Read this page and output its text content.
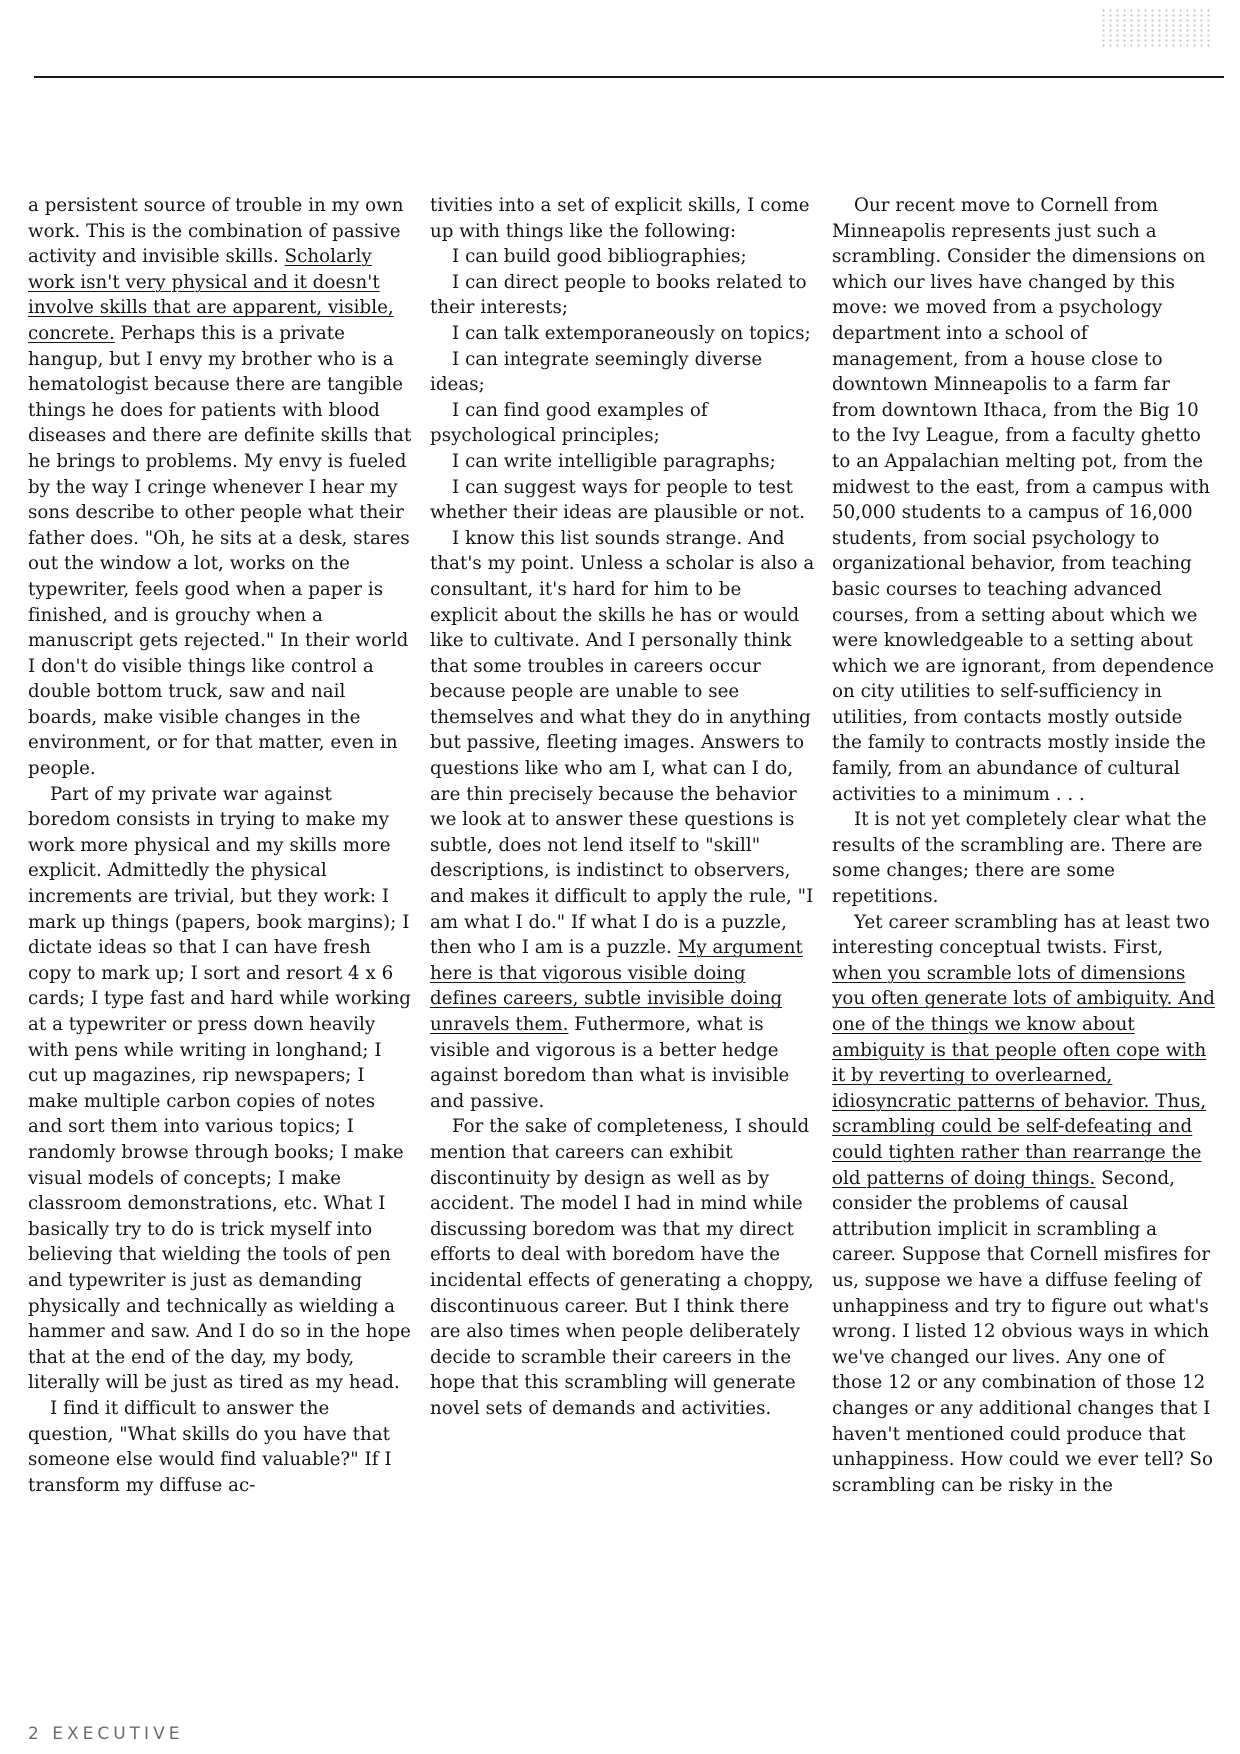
a persistent source of trouble in my own work. This is the combination of passive activity and invisible skills. Scholarly work isn't very physical and it doesn't involve skills that are apparent, visible, concrete. Perhaps this is a private hangup, but I envy my brother who is a hematologist because there are tangible things he does for patients with blood diseases and there are definite skills that he brings to problems. My envy is fueled by the way I cringe whenever I hear my sons describe to other people what their father does. "Oh, he sits at a desk, stares out the window a lot, works on the typewriter, feels good when a paper is finished, and is grouchy when a manuscript gets rejected." In their world I don't do visible things like control a double bottom truck, saw and nail boards, make visible changes in the environment, or for that matter, even in people.

Part of my private war against boredom consists in trying to make my work more physical and my skills more explicit. Admittedly the physical increments are trivial, but they work: I mark up things (papers, book margins); I dictate ideas so that I can have fresh copy to mark up; I sort and resort 4 x 6 cards; I type fast and hard while working at a typewriter or press down heavily with pens while writing in longhand; I cut up magazines, rip newspapers; I make multiple carbon copies of notes and sort them into various topics; I randomly browse through books; I make visual models of concepts; I make classroom demonstrations, etc. What I basically try to do is trick myself into believing that wielding the tools of pen and typewriter is just as demanding physically and technically as wielding a hammer and saw. And I do so in the hope that at the end of the day, my body, literally will be just as tired as my head.

I find it difficult to answer the question, "What skills do you have that someone else would find valuable?" If I transform my diffuse ac-

tivities into a set of explicit skills, I come up with things like the following:

I can build good bibliographies;

I can direct people to books related to their interests;

I can talk extemporaneously on topics;

I can integrate seemingly diverse ideas;

I can find good examples of psychological principles;

I can write intelligible paragraphs;

I can suggest ways for people to test whether their ideas are plausible or not.

I know this list sounds strange. And that's my point. Unless a scholar is also a consultant, it's hard for him to be explicit about the skills he has or would like to cultivate. And I personally think that some troubles in careers occur because people are unable to see themselves and what they do in anything but passive, fleeting images. Answers to questions like who am I, what can I do, are thin precisely because the behavior we look at to answer these questions is subtle, does not lend itself to "skill" descriptions, is indistinct to observers, and makes it difficult to apply the rule, "I am what I do." If what I do is a puzzle, then who I am is a puzzle. My argument here is that vigorous visible doing defines careers, subtle invisible doing unravels them. Futhermore, what is visible and vigorous is a better hedge against boredom than what is invisible and passive.

For the sake of completeness, I should mention that careers can exhibit discontinuity by design as well as by accident. The model I had in mind while discussing boredom was that my direct efforts to deal with boredom have the incidental effects of generating a choppy, discontinuous career. But I think there are also times when people deliberately decide to scramble their careers in the hope that this scrambling will generate novel sets of demands and activities.

Our recent move to Cornell from Minneapolis represents just such a scrambling. Consider the dimensions on which our lives have changed by this move: we moved from a psychology department into a school of management, from a house close to downtown Minneapolis to a farm far from downtown Ithaca, from the Big 10 to the Ivy League, from a faculty ghetto to an Appalachian melting pot, from the midwest to the east, from a campus with 50,000 students to a campus of 16,000 students, from social psychology to organizational behavior, from teaching basic courses to teaching advanced courses, from a setting about which we were knowledgeable to a setting about which we are ignorant, from dependence on city utilities to self-sufficiency in utilities, from contacts mostly outside the family to contracts mostly inside the family, from an abundance of cultural activities to a minimum . . .

It is not yet completely clear what the results of the scrambling are. There are some changes; there are some repetitions.

Yet career scrambling has at least two interesting conceptual twists. First, when you scramble lots of dimensions you often generate lots of ambiguity. And one of the things we know about ambiguity is that people often cope with it by reverting to overlearned, idiosyncratic patterns of behavior. Thus, scrambling could be self-defeating and could tighten rather than rearrange the old patterns of doing things. Second, consider the problems of causal attribution implicit in scrambling a career. Suppose that Cornell misfires for us, suppose we have a diffuse feeling of unhappiness and try to figure out what's wrong. I listed 12 obvious ways in which we've changed our lives. Any one of those 12 or any combination of those 12 changes or any additional changes that I haven't mentioned could produce that unhappiness. How could we ever tell? So scrambling can be risky in the

2 EXECUTIVE
